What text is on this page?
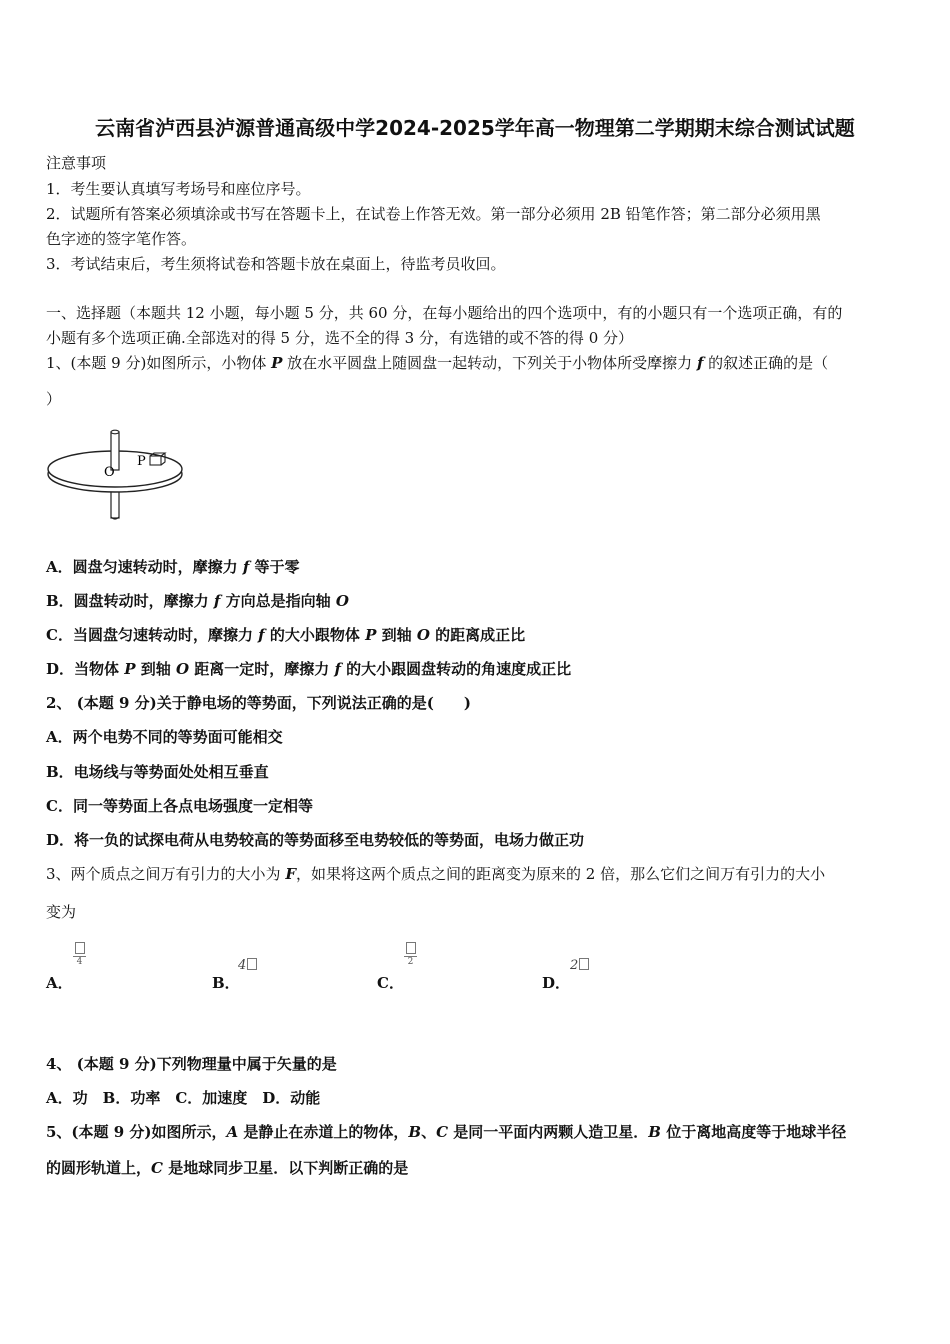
云南省泸西县泸源普通高级中学2024-2025学年高一物理第二学期期末综合测试试题
注意事项
1．考生要认真填写考场号和座位序号。
2．试题所有答案必须填涂或书写在答题卡上，在试卷上作答无效。第一部分必须用 2B 铅笔作答；第二部分必须用黑
色字迹的签字笔作答。
3．考试结束后，考生须将试卷和答题卡放在桌面上，待监考员收回。
一、选择题（本题共 12 小题，每小题 5 分，共 60 分，在每小题给出的四个选项中，有的小题只有一个选项正确，有的
小题有多个选项正确.全部选对的得 5 分，选不全的得 3 分，有选错的或不答的得 0 分）
1、(本题 9 分)如图所示，小物体 P 放在水平圆盘上随圆盘一起转动，下列关于小物体所受摩擦力 f 的叙述正确的是（
）
P
O
A．圆盘匀速转动时，摩擦力 f 等于零
B．圆盘转动时，摩擦力 f 方向总是指向轴 O
C．当圆盘匀速转动时，摩擦力 f 的大小跟物体 P 到轴 O 的距离成正比
D．当物体 P 到轴 O 距离一定时，摩擦力 f 的大小跟圆盘转动的角速度成正比
2、 (本题 9 分)关于静电场的等势面，下列说法正确的是(　　)
A．两个电势不同的等势面可能相交
B．电场线与等势面处处相互垂直
C．同一等势面上各点电场强度一定相等
D．将一负的试探电荷从电势较高的等势面移至电势较低的等势面，电场力做正功
3、两个质点之间万有引力的大小为 F，如果将这两个质点之间的距离变为原来的 2 倍，那么它们之间万有引力的大小
变为
A．
4
B．
4
C．
2
D．
2
4、 (本题 9 分)下列物理量中属于矢量的是
A．功　B．功率　C．加速度　D．动能
5、(本题 9 分)如图所示，A 是静止在赤道上的物体，B、C 是同一平面内两颗人造卫星．B 位于离地高度等于地球半径
的圆形轨道上，C 是地球同步卫星．以下判断正确的是
